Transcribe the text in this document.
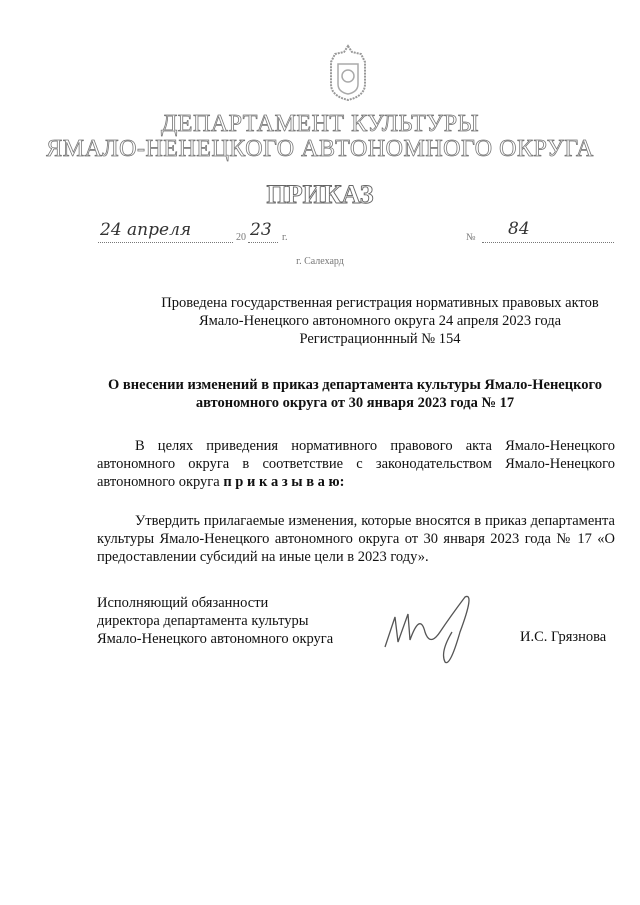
ДЕПАРТАМЕНТ КУЛЬТУРЫ
ЯМАЛО-НЕНЕЦКОГО АВТОНОМНОГО ОКРУГА
ПРИКАЗ
24 апреля	20 23 г.	№ 84
г. Салехард
Проведена государственная регистрация нормативных правовых актов
Ямало-Ненецкого автономного округа 24 апреля 2023 года
Регистрационнный № 154
О внесении изменений в приказ департамента культуры Ямало-Ненецкого
автономного округа от 30 января 2023 года № 17
В целях приведения нормативного правового акта Ямало-Ненецкого автономного округа в соответствие с законодательством Ямало-Ненецкого автономного округа п р и к а з ы в а ю:
Утвердить прилагаемые изменения, которые вносятся в приказ департамента культуры Ямало-Ненецкого автономного округа от 30 января 2023 года № 17 «О предоставлении субсидий на иные цели в 2023 году».
Исполняющий обязанности
директора департамента культуры
Ямало-Ненецкого автономного округа	И.С. Грязнова
